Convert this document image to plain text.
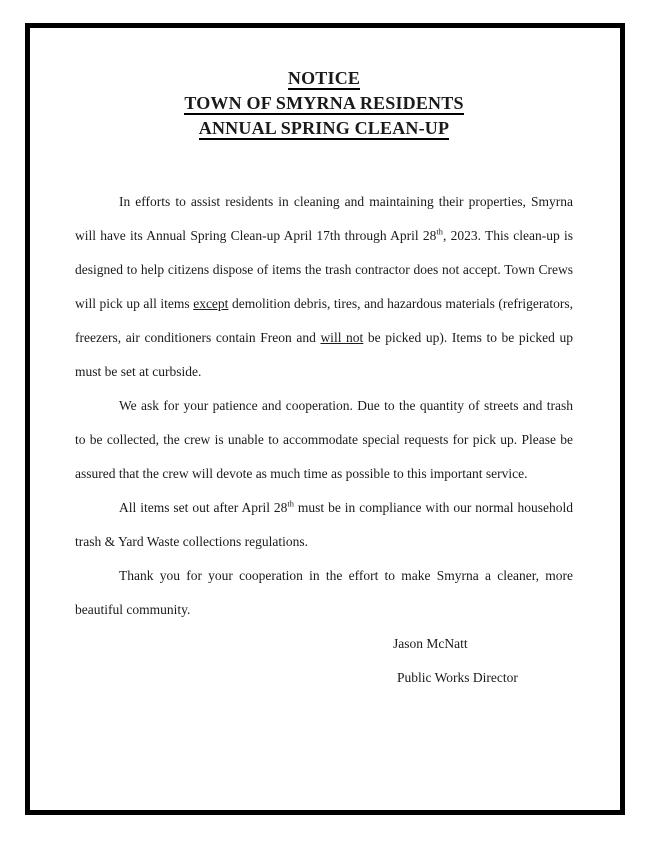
NOTICE
TOWN OF SMYRNA RESIDENTS
ANNUAL SPRING CLEAN-UP

In efforts to assist residents in cleaning and maintaining their properties, Smyrna will have its Annual Spring Clean-up April 17th through April 28th, 2023. This clean-up is designed to help citizens dispose of items the trash contractor does not accept. Town Crews will pick up all items except demolition debris, tires, and hazardous materials (refrigerators, freezers, air conditioners contain Freon and will not be picked up). Items to be picked up must be set at curbside.

We ask for your patience and cooperation. Due to the quantity of streets and trash to be collected, the crew is unable to accommodate special requests for pick up. Please be assured that the crew will devote as much time as possible to this important service.

All items set out after April 28th must be in compliance with our normal household trash & Yard Waste collections regulations.

Thank you for your cooperation in the effort to make Smyrna a cleaner, more beautiful community.

Jason McNatt
Public Works Director
